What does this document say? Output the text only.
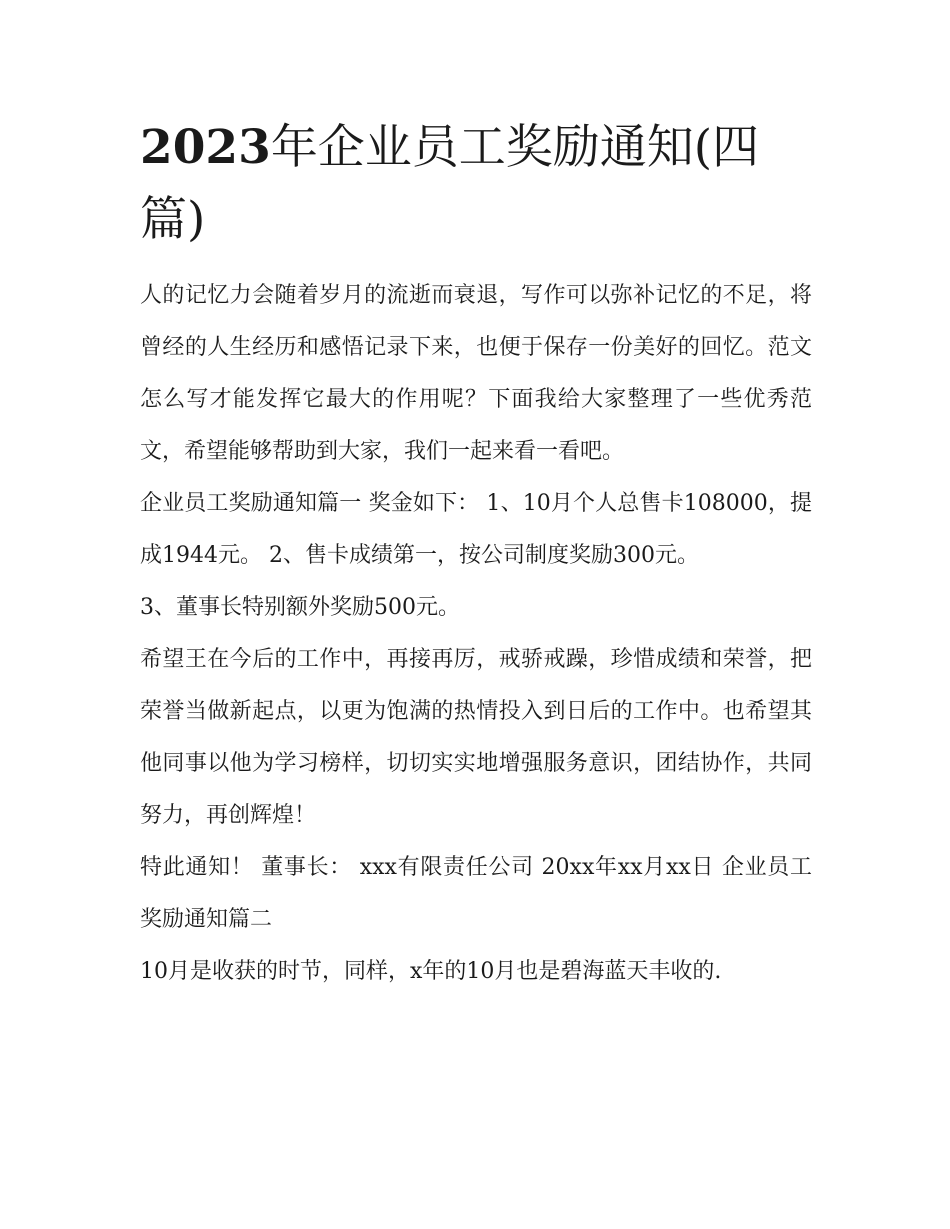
2023年企业员工奖励通知(四篇)

人的记忆力会随着岁月的流逝而衰退，写作可以弥补记忆的不足，将曾经的人生经历和感悟记录下来，也便于保存一份美好的回忆。范文怎么写才能发挥它最大的作用呢？下面我给大家整理了一些优秀范文，希望能够帮助到大家，我们一起来看一看吧。

企业员工奖励通知篇一 奖金如下： 1、10月个人总售卡108000，提成1944元。 2、售卡成绩第一，按公司制度奖励300元。

3、董事长特别额外奖励500元。

希望王在今后的工作中，再接再厉，戒骄戒躁，珍惜成绩和荣誉，把荣誉当做新起点，以更为饱满的热情投入到日后的工作中。也希望其他同事以他为学习榜样，切切实实地增强服务意识，团结协作，共同努力，再创辉煌！

特此通知！ 董事长： xxx有限责任公司 20xx年xx月xx日 企业员工奖励通知篇二

10月是收获的时节，同样，x年的10月也是碧海蓝天丰收的.
